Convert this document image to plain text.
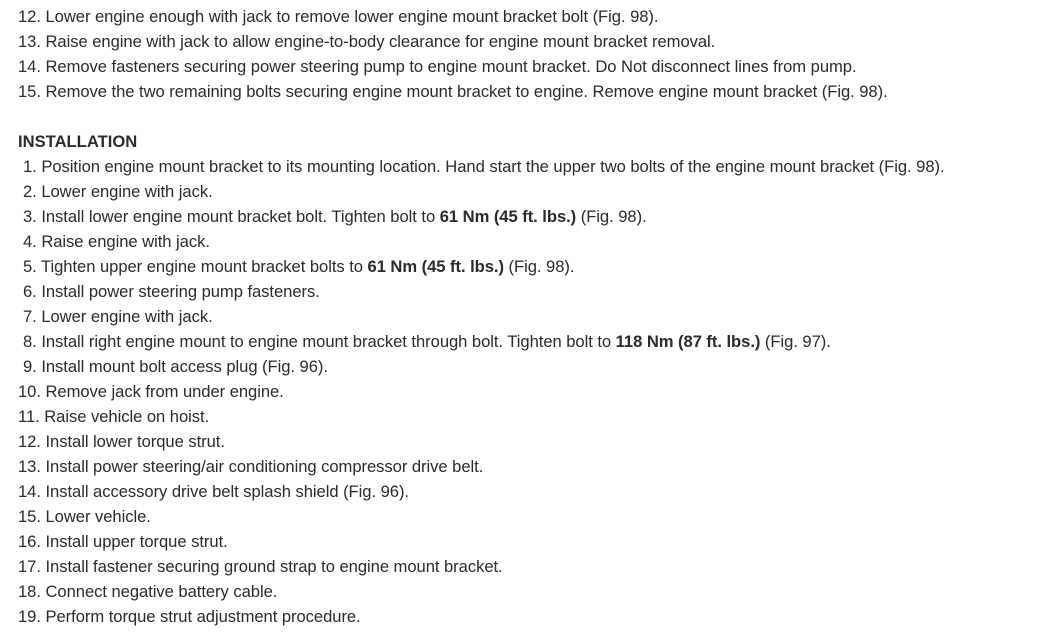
12. Lower engine enough with jack to remove lower engine mount bracket bolt (Fig. 98).
13. Raise engine with jack to allow engine-to-body clearance for engine mount bracket removal.
14. Remove fasteners securing power steering pump to engine mount bracket. Do Not disconnect lines from pump.
15. Remove the two remaining bolts securing engine mount bracket to engine. Remove engine mount bracket (Fig. 98).
INSTALLATION
1. Position engine mount bracket to its mounting location. Hand start the upper two bolts of the engine mount bracket (Fig. 98).
2. Lower engine with jack.
3. Install lower engine mount bracket bolt. Tighten bolt to 61 Nm (45 ft. lbs.) (Fig. 98).
4. Raise engine with jack.
5. Tighten upper engine mount bracket bolts to 61 Nm (45 ft. lbs.) (Fig. 98).
6. Install power steering pump fasteners.
7. Lower engine with jack.
8. Install right engine mount to engine mount bracket through bolt. Tighten bolt to 118 Nm (87 ft. lbs.) (Fig. 97).
9. Install mount bolt access plug (Fig. 96).
10. Remove jack from under engine.
11. Raise vehicle on hoist.
12. Install lower torque strut.
13. Install power steering/air conditioning compressor drive belt.
14. Install accessory drive belt splash shield (Fig. 96).
15. Lower vehicle.
16. Install upper torque strut.
17. Install fastener securing ground strap to engine mount bracket.
18. Connect negative battery cable.
19. Perform torque strut adjustment procedure.
